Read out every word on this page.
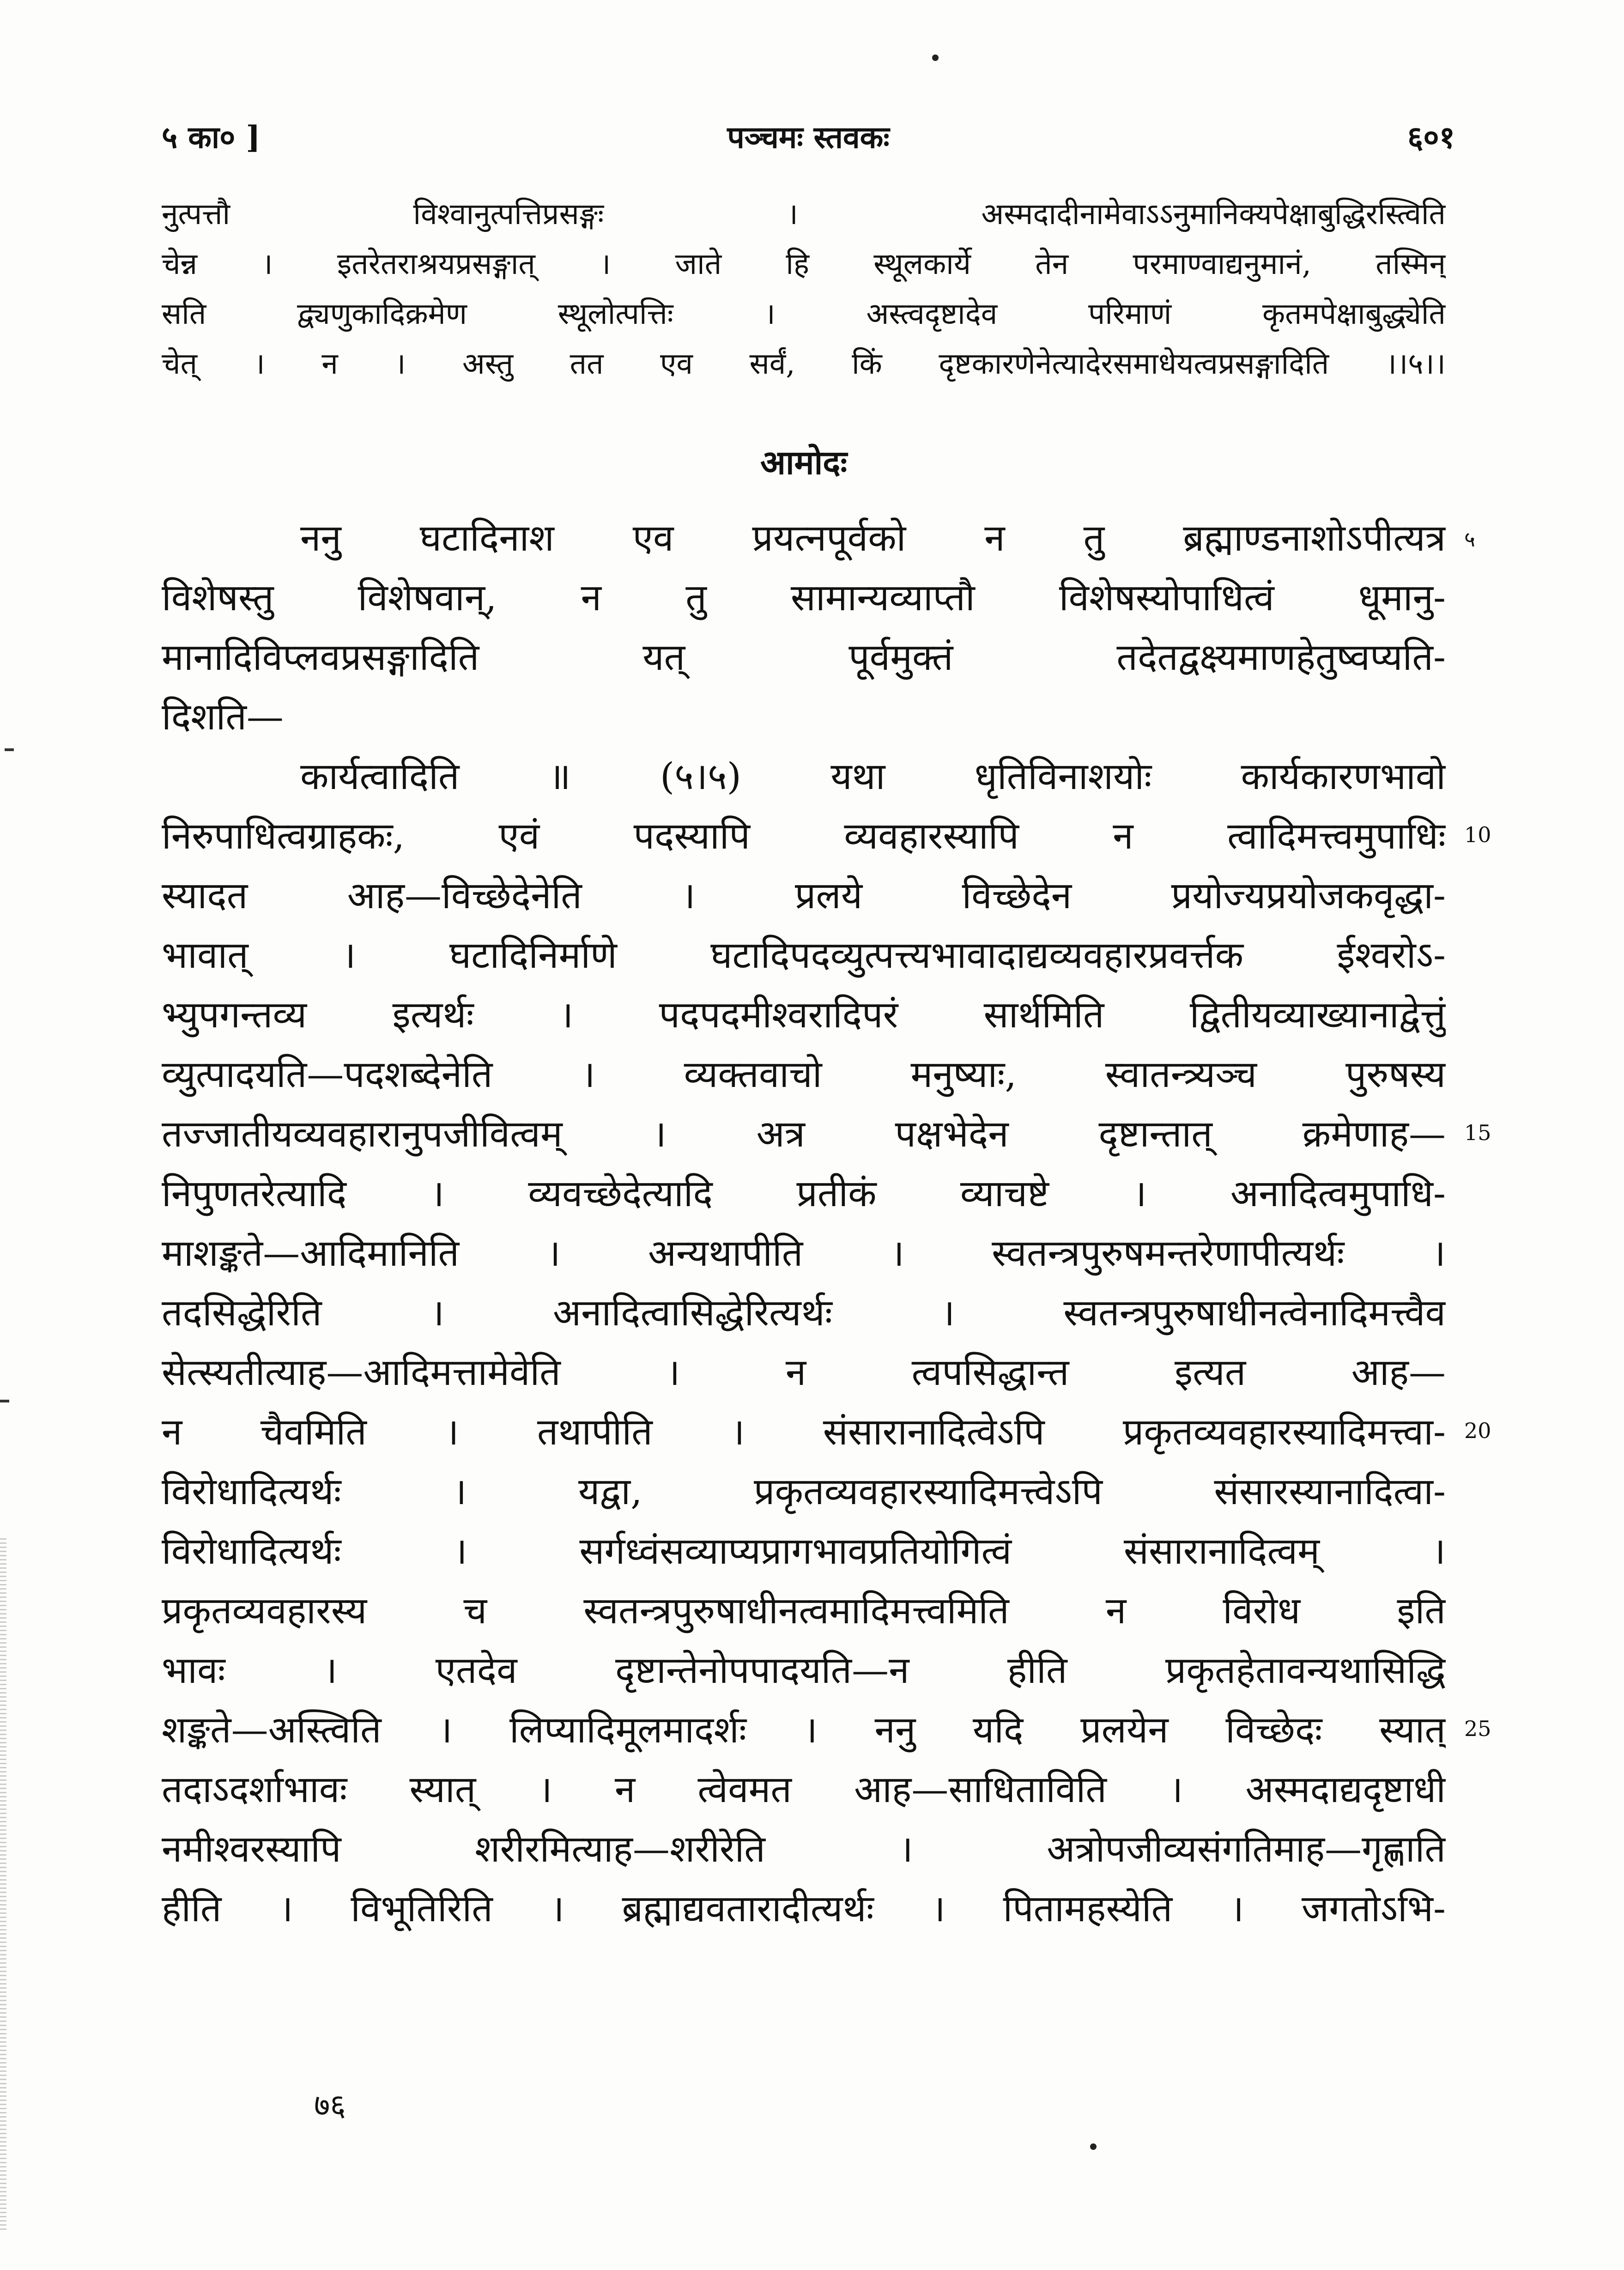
५ का० ]	पञ्चमः स्तवकः	६०१
नुत्पत्तौ विश्वानुत्पत्तिप्रसङ्गः । अस्मदादीनामेवाऽऽनुमानिक्यपेक्षाबुद्धिरस्त्विति
चेन्न । इतरेतराश्रयप्रसङ्गात् । जाते हि स्थूलकार्ये तेन परमाण्वाद्यनुमानं, तस्मिन्
सति द्व्यणुकादिक्रमेण स्थूलोत्पत्तिः । अस्त्वदृष्टादेव परिमाणं कृतमपेक्षाबुद्ध्येति
चेत् । न । अस्तु तत एव सर्वं, किं दृष्टकारणेनेत्यादेरसमाधेयत्वप्रसङ्गादिति ।।५।।
आमोदः
ननु घटादिनाश एव प्रयत्नपूर्वको न तु ब्रह्माण्डनाशोऽपीत्यत्र
विशेषस्तु विशेषवान्, न तु सामान्यव्याप्तौ विशेषस्योपाधित्वं धूमानु-
मानादिविप्लवप्रसङ्गादिति यत् पूर्वमुक्तं तदेतद्वक्ष्यमाणहेतुष्वप्यति-
दिशति—
कार्यत्वादिति ॥ (५।५) यथा धृतिविनाशयोः कार्यकारणभावो
निरुपाधित्वग्राहकः, एवं पदस्यापि व्यवहारस्यापि न त्वादिमत्त्वमुपाधिः
स्यादत आह—विच्छेदेनेति । प्रलये विच्छेदेन प्रयोज्यप्रयोजकवृद्धा-
भावात् । घटादिनिर्माणे घटादिपदव्युत्पत्त्यभावादाद्यव्यवहारप्रवर्त्तक ईश्वरोऽ-
भ्युपगन्तव्य इत्यर्थः । पदपदमीश्वरादिपरं सार्थमिति द्वितीयव्याख्यानाद्वेत्तुं
व्युत्पादयति—पदशब्देनेति । व्यक्तवाचो मनुष्याः, स्वातन्त्र्यञ्च पुरुषस्य
तज्जातीयव्यवहारानुपजीवित्वम् । अत्र पक्षभेदेन दृष्टान्तात् क्रमेणाह—
निपुणतरेत्यादि । व्यवच्छेदेत्यादि प्रतीकं व्याचष्टे । अनादित्वमुपाधि-
माशङ्कते—आदिमानिति । अन्यथापीति । स्वतन्त्रपुरुषमन्तरेणापीत्यर्थः ।
तदसिद्धेरिति । अनादित्वासिद्धेरित्यर्थः । स्वतन्त्रपुरुषाधीनत्वेनादिमत्त्वैव
सेत्स्यतीत्याह—आदिमत्तामेवेति । न त्वपसिद्धान्त इत्यत आह—
न चैवमिति । तथापीति । संसारानादित्वेऽपि प्रकृतव्यवहारस्यादिमत्त्वा-
विरोधादित्यर्थः । यद्वा, प्रकृतव्यवहारस्यादिमत्त्वेऽपि संसारस्यानादित्वा-
विरोधादित्यर्थः । सर्गध्वंसव्याप्यप्रागभावप्रतियोगित्वं संसारानादित्वम् ।
प्रकृतव्यवहारस्य च स्वतन्त्रपुरुषाधीनत्वमादिमत्त्वमिति न विरोध इति
भावः । एतदेव दृष्टान्तेनोपपादयति—न हीति प्रकृतहेतावन्यथासिद्धि
शङ्कते—अस्त्विति । लिप्यादिमूलमादर्शः । ननु यदि प्रलयेन विच्छेदः स्यात्
तदाऽदर्शाभावः स्यात् । न त्वेवमत आह—साधिताविति । अस्मदाद्यदृष्टाधी
नमीश्वरस्यापि शरीरमित्याह—शरीरेति । अत्रोपजीव्यसंगतिमाह—गृह्णाति
हीति । विभूतिरिति । ब्रह्माद्यवतारादीत्यर्थः । पितामहस्येति । जगतोऽभि-
५
10
15
20
25
७६
